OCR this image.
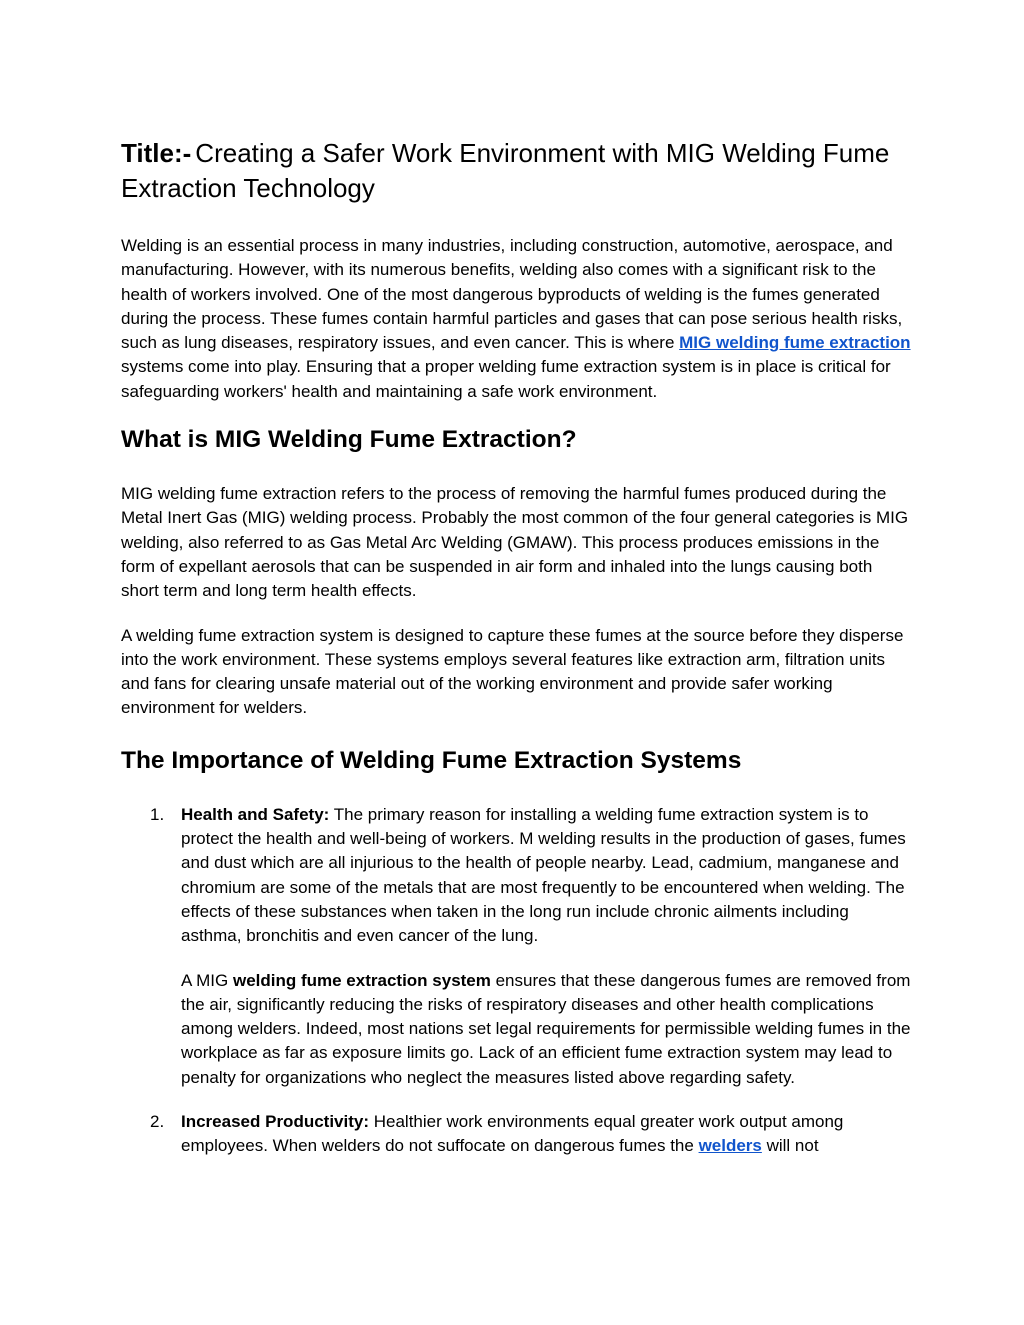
Title:- Creating a Safer Work Environment with MIG Welding Fume Extraction Technology

Welding is an essential process in many industries, including construction, automotive, aerospace, and manufacturing. However, with its numerous benefits, welding also comes with a significant risk to the health of workers involved. One of the most dangerous byproducts of welding is the fumes generated during the process. These fumes contain harmful particles and gases that can pose serious health risks, such as lung diseases, respiratory issues, and even cancer. This is where MIG welding fume extraction systems come into play. Ensuring that a proper welding fume extraction system is in place is critical for safeguarding workers' health and maintaining a safe work environment.

What is MIG Welding Fume Extraction?

MIG welding fume extraction refers to the process of removing the harmful fumes produced during the Metal Inert Gas (MIG) welding process. Probably the most common of the four general categories is MIG welding, also referred to as Gas Metal Arc Welding (GMAW). This process produces emissions in the form of expellant aerosols that can be suspended in air form and inhaled into the lungs causing both short term and long term health effects.

A welding fume extraction system is designed to capture these fumes at the source before they disperse into the work environment. These systems employs several features like extraction arm, filtration units and fans for clearing unsafe material out of the working environment and provide safer working environment for welders.

The Importance of Welding Fume Extraction Systems
1. Health and Safety: The primary reason for installing a welding fume extraction system is to protect the health and well-being of workers. M welding results in the production of gases, fumes and dust which are all injurious to the health of people nearby. Lead, cadmium, manganese and chromium are some of the metals that are most frequently to be encountered when welding. The effects of these substances when taken in the long run include chronic ailments including asthma, bronchitis and even cancer of the lung.

A MIG welding fume extraction system ensures that these dangerous fumes are removed from the air, significantly reducing the risks of respiratory diseases and other health complications among welders. Indeed, most nations set legal requirements for permissible welding fumes in the workplace as far as exposure limits go. Lack of an efficient fume extraction system may lead to penalty for organizations who neglect the measures listed above regarding safety.

2. Increased Productivity: Healthier work environments equal greater work output among employees. When welders do not suffocate on dangerous fumes the welders will not
